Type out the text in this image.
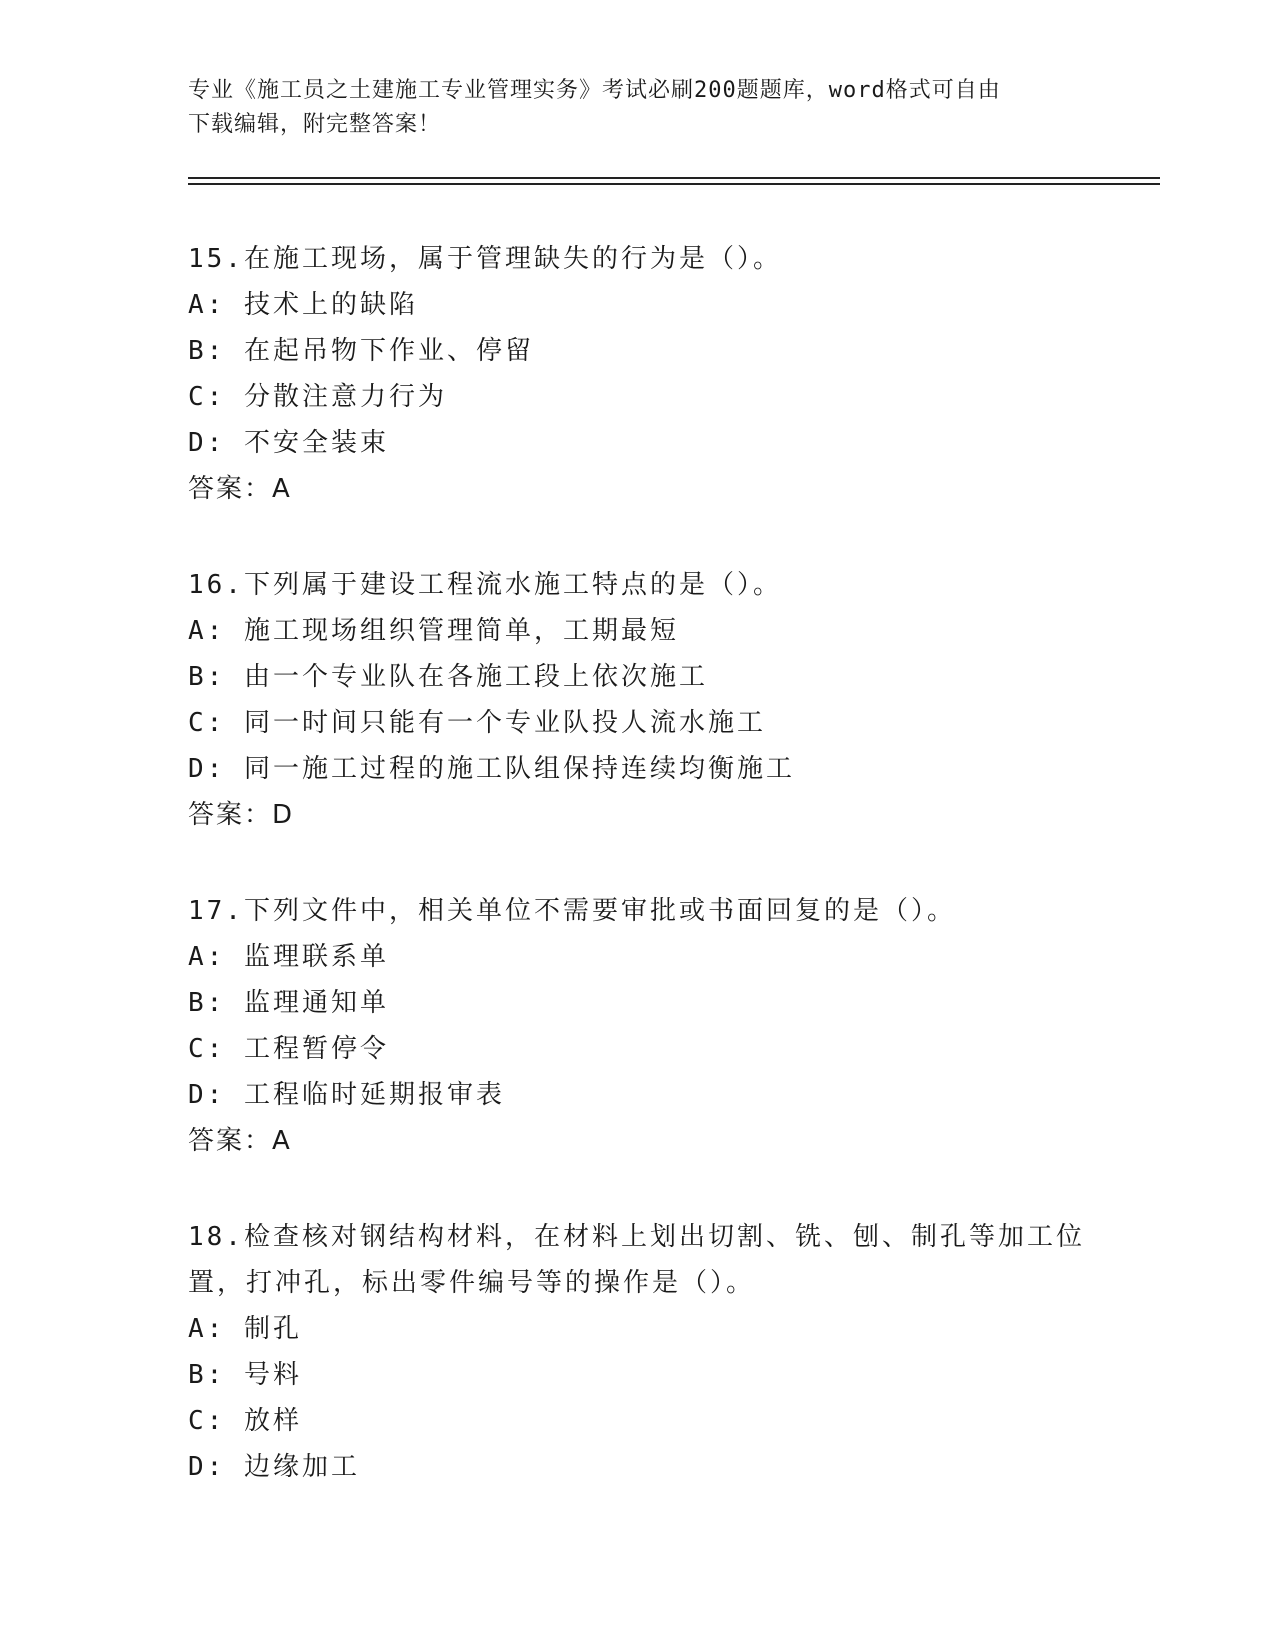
专业《施工员之土建施工专业管理实务》考试必刷200题题库，word格式可自由
下载编辑，附完整答案！

15.在施工现场，属于管理缺失的行为是（）。

A: 技术上的缺陷

B: 在起吊物下作业、停留

C: 分散注意力行为

D: 不安全装束

答案：A

16.下列属于建设工程流水施工特点的是（）。

A: 施工现场组织管理简单，工期最短

B: 由一个专业队在各施工段上依次施工

C: 同一时间只能有一个专业队投人流水施工

D: 同一施工过程的施工队组保持连续均衡施工

答案：D

17.下列文件中，相关单位不需要审批或书面回复的是（）。

A: 监理联系单

B: 监理通知单

C: 工程暂停令

D: 工程临时延期报审表

答案：A

18.检查核对钢结构材料，在材料上划出切割、铣、刨、制孔等加工位

置，打冲孔，标出零件编号等的操作是（）。

A: 制孔

B: 号料

C: 放样

D: 边缘加工
